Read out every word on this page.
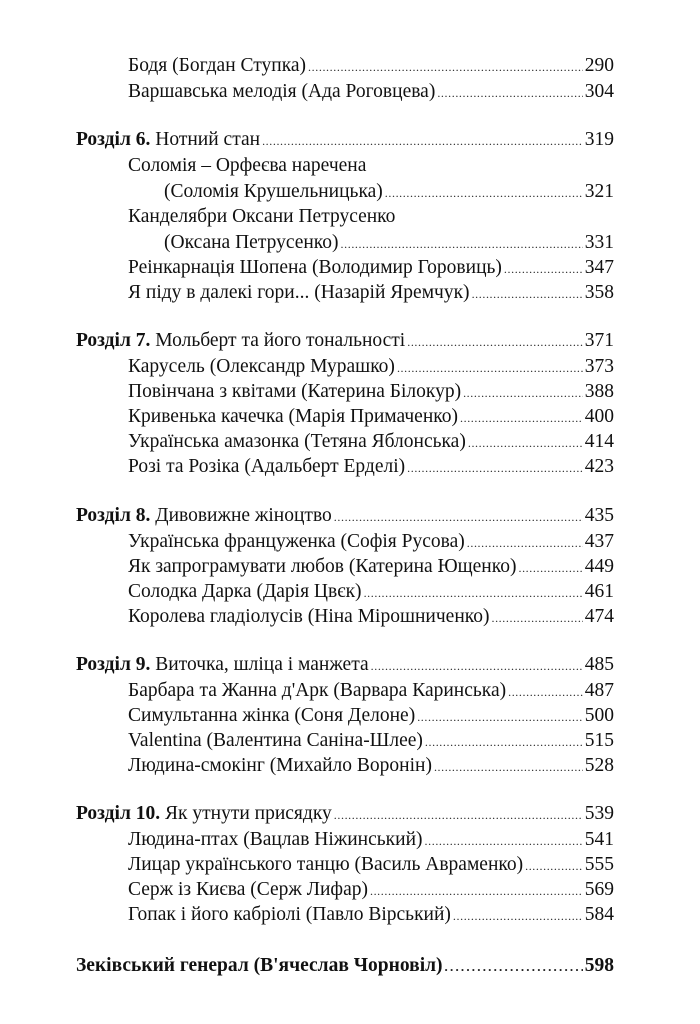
Бодя (Богдан Ступка) .....	290
Варшавська мелодія (Ада Роговцева) .....	304
Розділ 6. Нотний стан .....	319
Соломія – Орфеєва наречена
(Соломія Крушельницька) .....	321
Канделябри Оксани Петрусенко
(Оксана Петрусенко) .....	331
Реінкарнація Шопена (Володимир Горовиць) .....	347
Я піду в далекі гори... (Назарій Яремчук) .....	358
Розділ 7. Мольберт та його тональності .....	371
Карусель (Олександр Мурашко) .....	373
Повінчана з квітами (Катерина Білокур) .....	388
Кривенька качечка (Марія Примаченко) .....	400
Українська амазонка (Тетяна Яблонська) .....	414
Розі та Розіка (Адальберт Ерделі) .....	423
Розділ 8. Дивовижне жіноцтво .....	435
Українська француженка (Софія Русова) .....	437
Як запрограмувати любов (Катерина Ющенко) .....	449
Солодка Дарка (Дарія Цвєк) .....	461
Королева гладіолусів (Ніна Мірошниченко) .....	474
Розділ 9. Виточка, шліца і манжета .....	485
Барбара та Жанна д'Арк (Варвара Каринська) .....	487
Симультанна жінка (Соня Делоне) .....	500
Valentina (Валентина Саніна-Шлее) .....	515
Людина-смокінг (Михайло Воронін) .....	528
Розділ 10. Як утнути присядку .....	539
Людина-птах (Вацлав Ніжинський) .....	541
Лицар українського танцю (Василь Авраменко) .....	555
Серж із Києва (Серж Лифар) .....	569
Гопак і його кабріолі (Павло Вірський) .....	584
Зеківський генерал (В'ячеслав Чорновіл) .....	598
